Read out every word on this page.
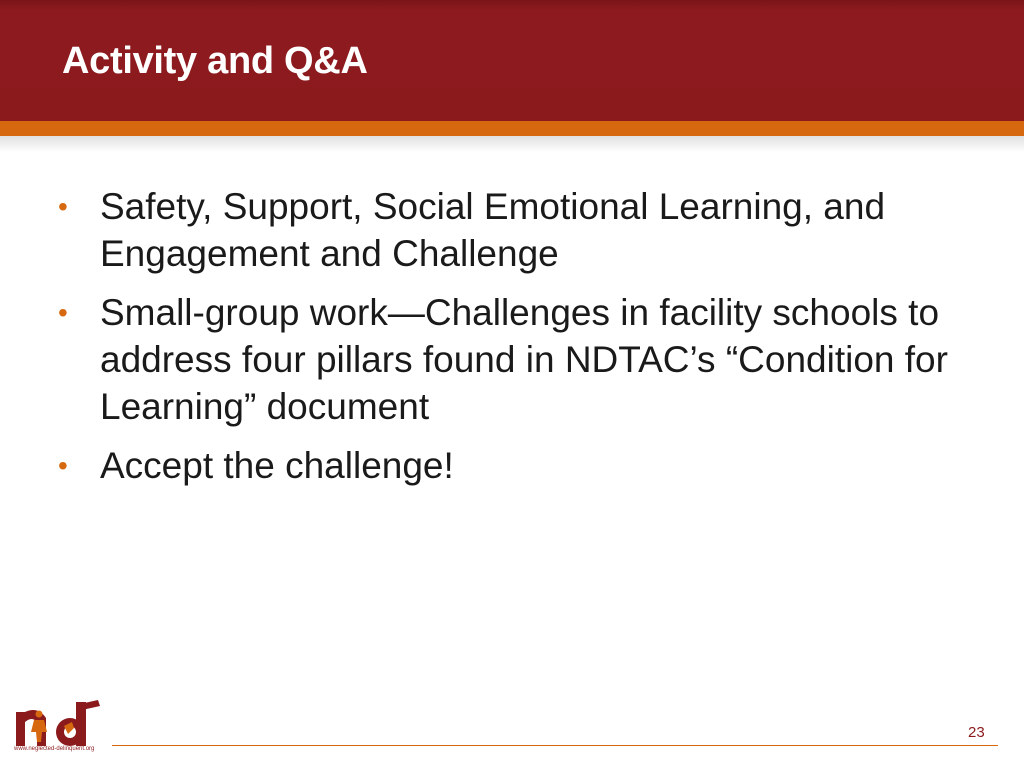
Activity and Q&A
• Safety, Support, Social Emotional Learning, and Engagement and Challenge
• Small-group work—Challenges in facility schools to address four pillars found in NDTAC’s “Condition for Learning” document
• Accept the challenge!
www.neglected-delinquent.org
23
